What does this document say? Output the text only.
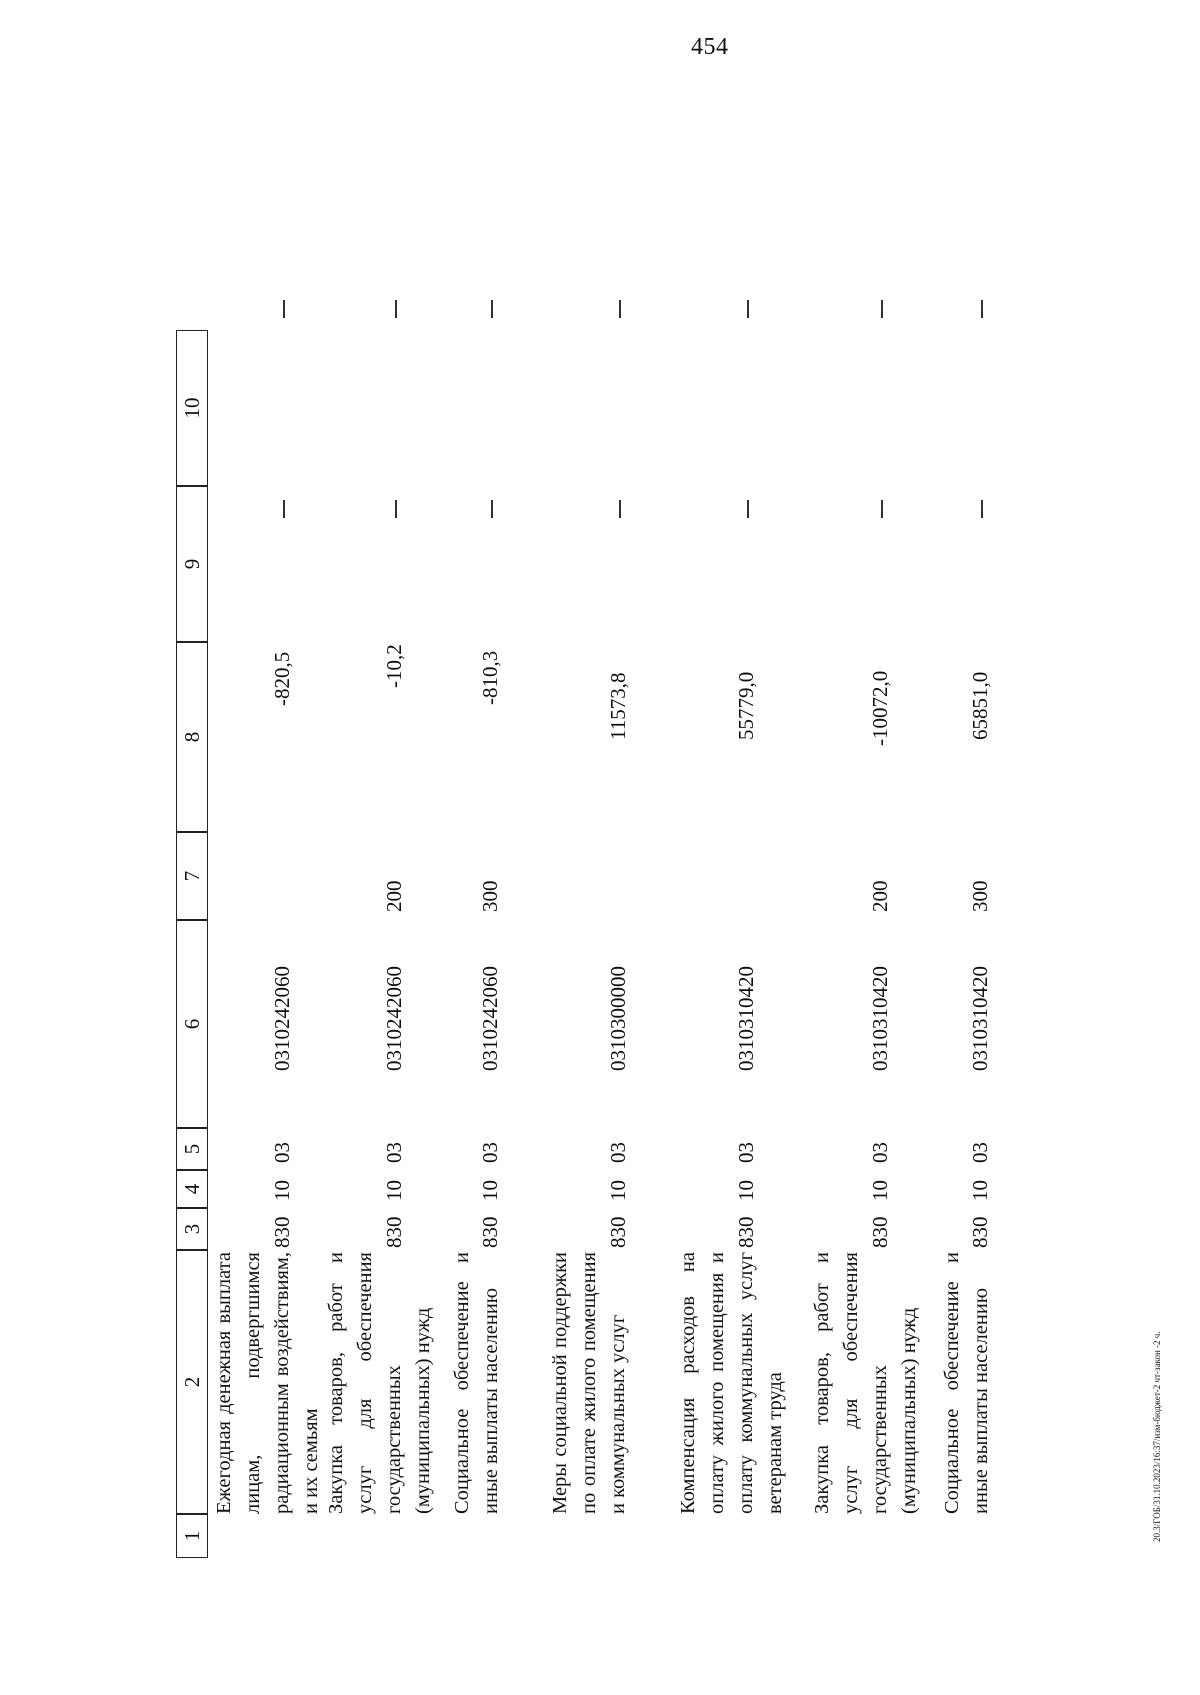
454
20.3/ГОБ/31.10.2023/16:37/изм-бюджет-2 чт-закон -2 ч.
1
2
3
4
5
6
7
8
9
10
Ежегодная денежная выплата лицам, подвергшимся радиационным воздействиям, и их семьям
830
10
03
0310242060
-820,5
Закупка товаров, работ и услуг для обеспечения государственных (муниципальных) нужд
830
10
03
0310242060
200
-10,2
Социальное обеспечение и иные выплаты населению
830
10
03
0310242060
300
-810,3
Меры социальной поддержки по оплате жилого помещения и коммунальных услуг
830
10
03
0310300000
11573,8
Компенсация расходов на оплату жилого помещения и оплату коммунальных услуг ветеранам труда
830
10
03
0310310420
55779,0
Закупка товаров, работ и услуг для обеспечения государственных (муниципальных) нужд
830
10
03
0310310420
200
-10072,0
Социальное обеспечение и иные выплаты населению
830
10
03
0310310420
300
65851,0
